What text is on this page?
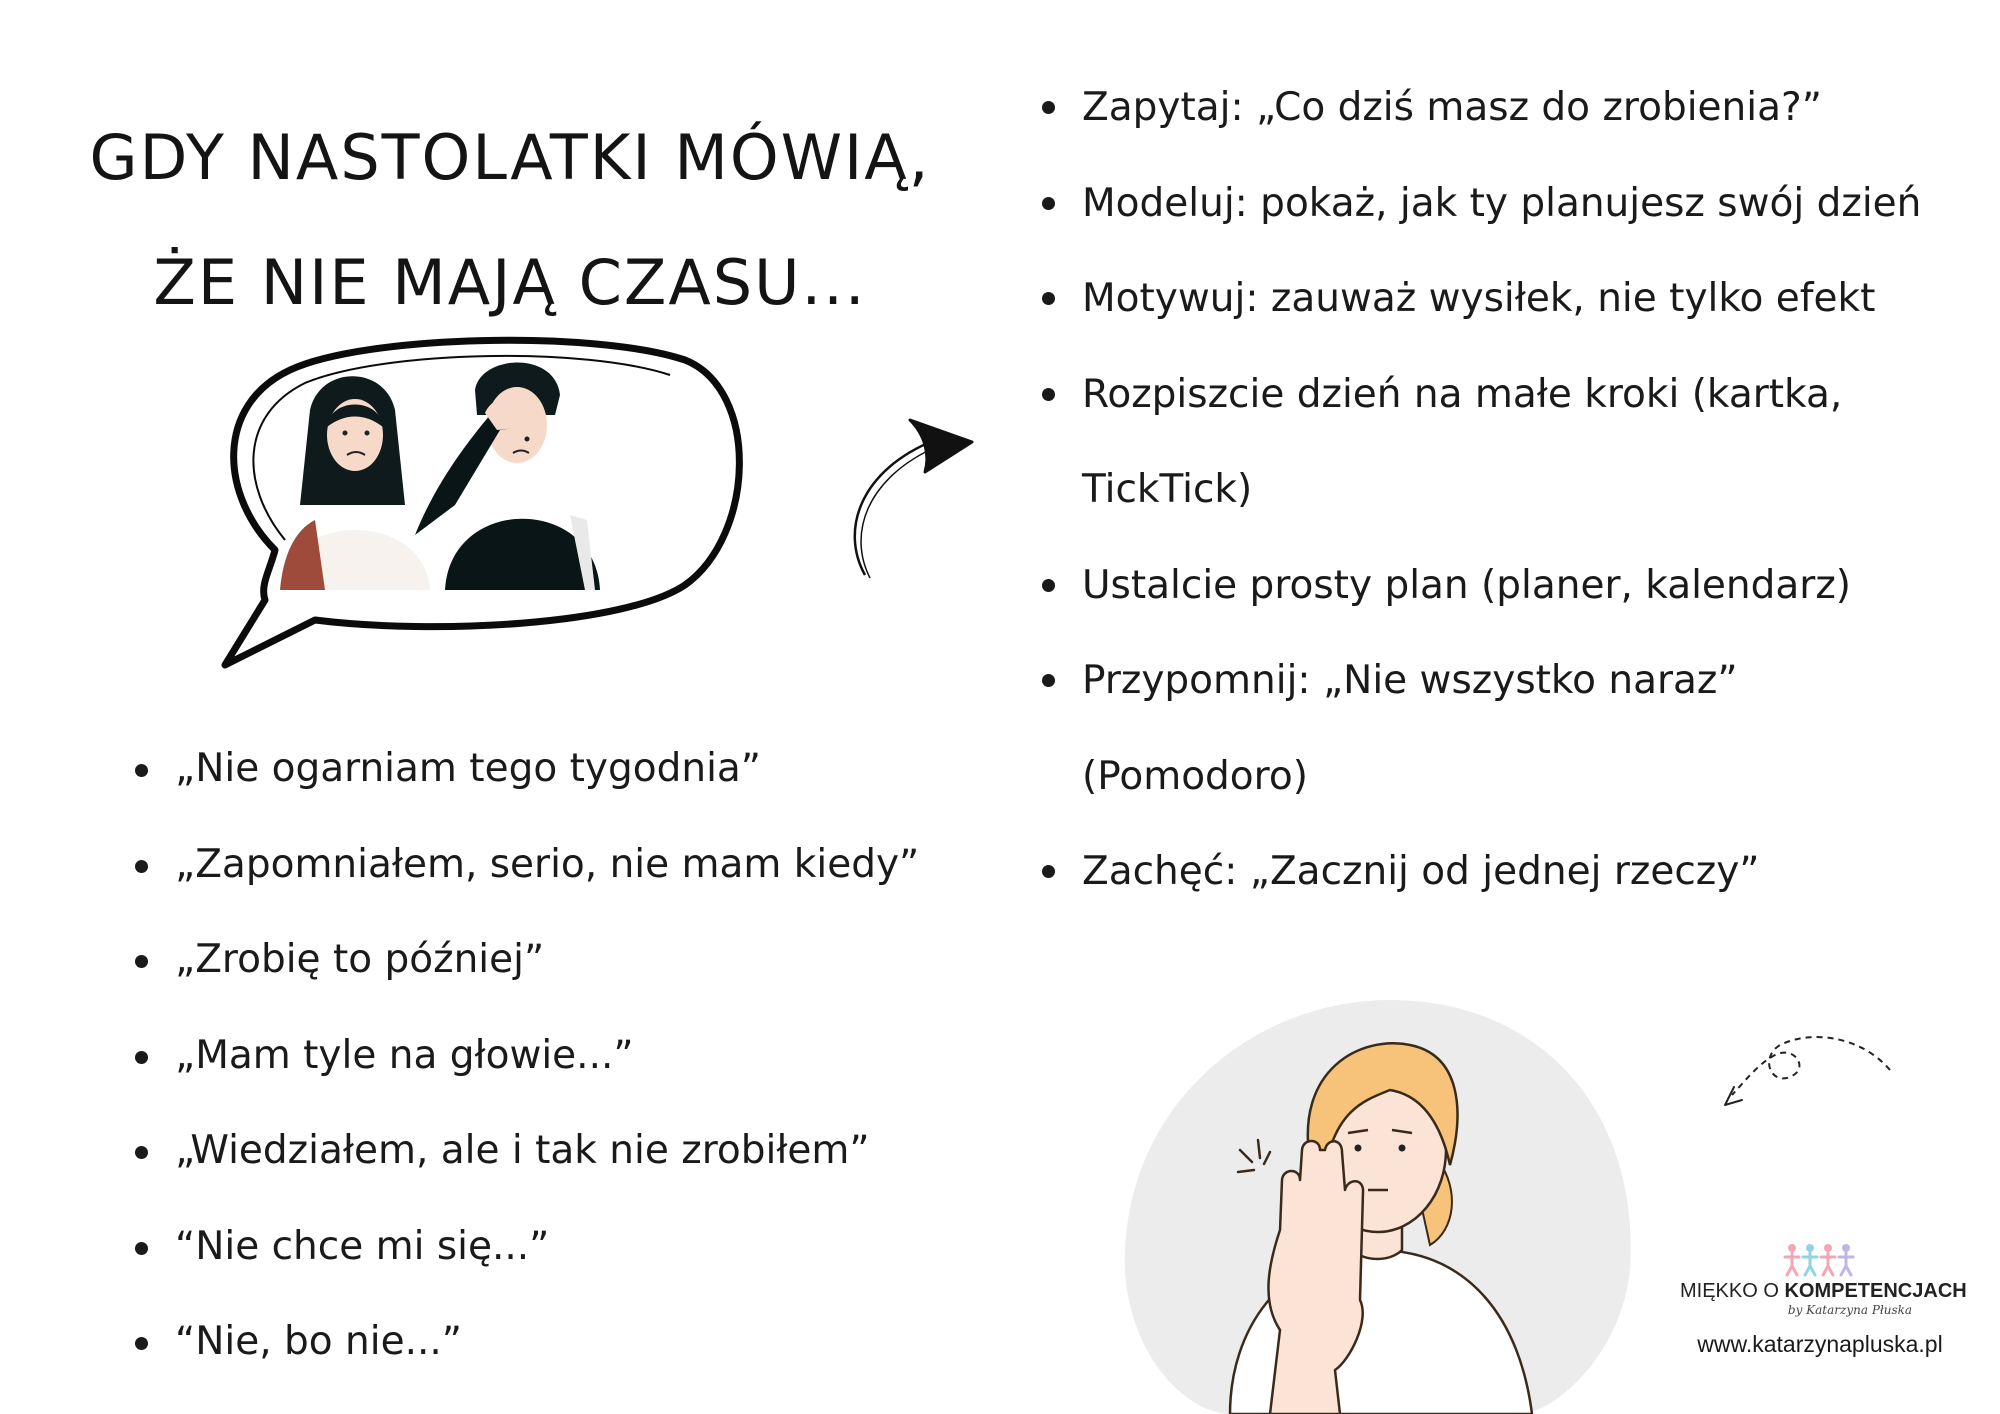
GDY NASTOLATKI MÓWIĄ,
ŻE NIE MAJĄ CZASU...
„Nie ogarniam tego tygodnia”
„Zapomniałem, serio, nie mam kiedy”
„Zrobię to później”
„Mam tyle na głowie...”
„Wiedziałem, ale i tak nie zrobiłem”
“Nie chce mi się...”
“Nie, bo nie...”
Zapytaj: „Co dziś masz do zrobienia?”
Modeluj: pokaż, jak ty planujesz swój dzień
Motywuj: zauważ wysiłek, nie tylko efekt
Rozpiszcie dzień na małe kroki (kartka, TickTick)
Ustalcie prosty plan (planer, kalendarz)
Przypomnij: „Nie wszystko naraz” (Pomodoro)
Zachęć: „Zacznij od jednej rzeczy”
MIĘKKO O KOMPETENCJACH
by Katarzyna Płuska
www.katarzynapluska.pl
